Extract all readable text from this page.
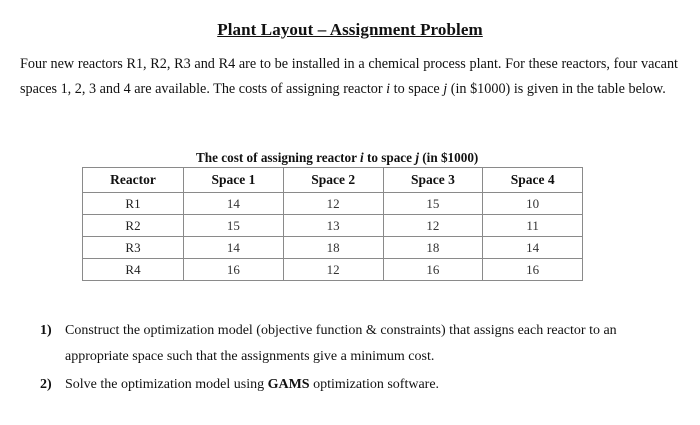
Plant Layout – Assignment Problem
Four new reactors R1, R2, R3 and R4 are to be installed in a chemical process plant. For these reactors, four vacant spaces 1, 2, 3 and 4 are available. The costs of assigning reactor i to space j (in $1000) is given in the table below.
The cost of assigning reactor i to space j (in $1000)
Reactor	Space 1	Space 2	Space 3	Space 4
R1	14	12	15	10
R2	15	13	12	11
R3	14	18	18	14
R4	16	12	16	16
1) Construct the optimization model (objective function & constraints) that assigns each reactor to an appropriate space such that the assignments give a minimum cost.
2) Solve the optimization model using GAMS optimization software.
